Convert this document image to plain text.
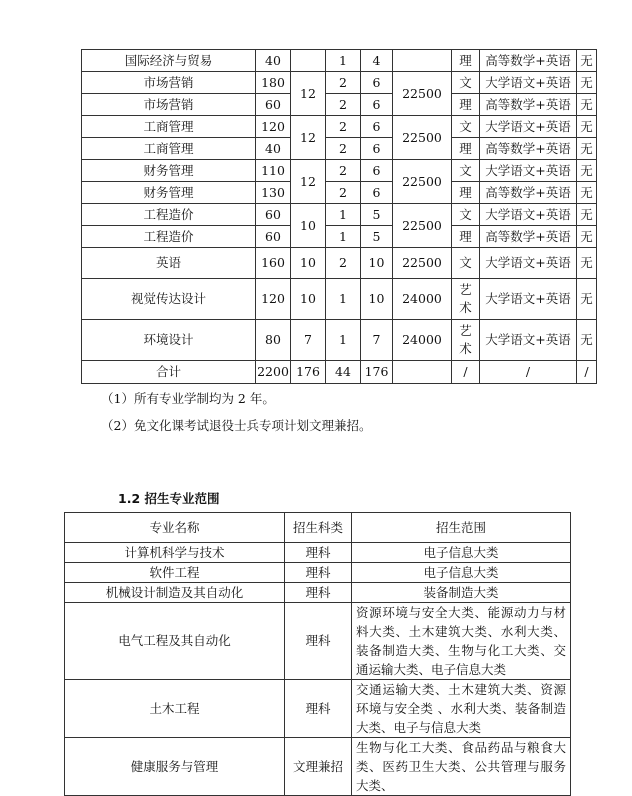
国际经济与贸易	40		1	4		理	高等数学+英语	无
市场营销	180	12	2	6	22500	文	大学语文+英语	无
市场营销	60		2	6		理	高等数学+英语	无
工商管理	120	12	2	6	22500	文	大学语文+英语	无
工商管理	40		2	6		理	高等数学+英语	无
财务管理	110	12	2	6	22500	文	大学语文+英语	无
财务管理	130		2	6		理	高等数学+英语	无
工程造价	60	10	1	5	22500	文	大学语文+英语	无
工程造价	60		1	5		理	高等数学+英语	无
英语	160	10	2	10	22500	文	大学语文+英语	无
视觉传达设计	120	10	1	10	24000	艺术	大学语文+英语	无
环境设计	80	7	1	7	24000	艺术	大学语文+英语	无
合计	2200	176	44	176		/	/	/
（1）所有专业学制均为 2 年。
（2）免文化课考试退役士兵专项计划文理兼招。
1.2 招生专业范围
专业名称	招生科类	招生范围
计算机科学与技术	理科	电子信息大类
软件工程	理科	电子信息大类
机械设计制造及其自动化	理科	装备制造大类
电气工程及其自动化	理科	资源环境与安全大类、能源动力与材料大类、土木建筑大类、水利大类、装备制造大类、生物与化工大类、交通运输大类、电子信息大类
土木工程	理科	交通运输大类、土木建筑大类、资源环境与安全类 、水利大类、装备制造大类、电子与信息大类
健康服务与管理	文理兼招	生物与化工大类、食品药品与粮食大类、医药卫生大类、公共管理与服务大类、
